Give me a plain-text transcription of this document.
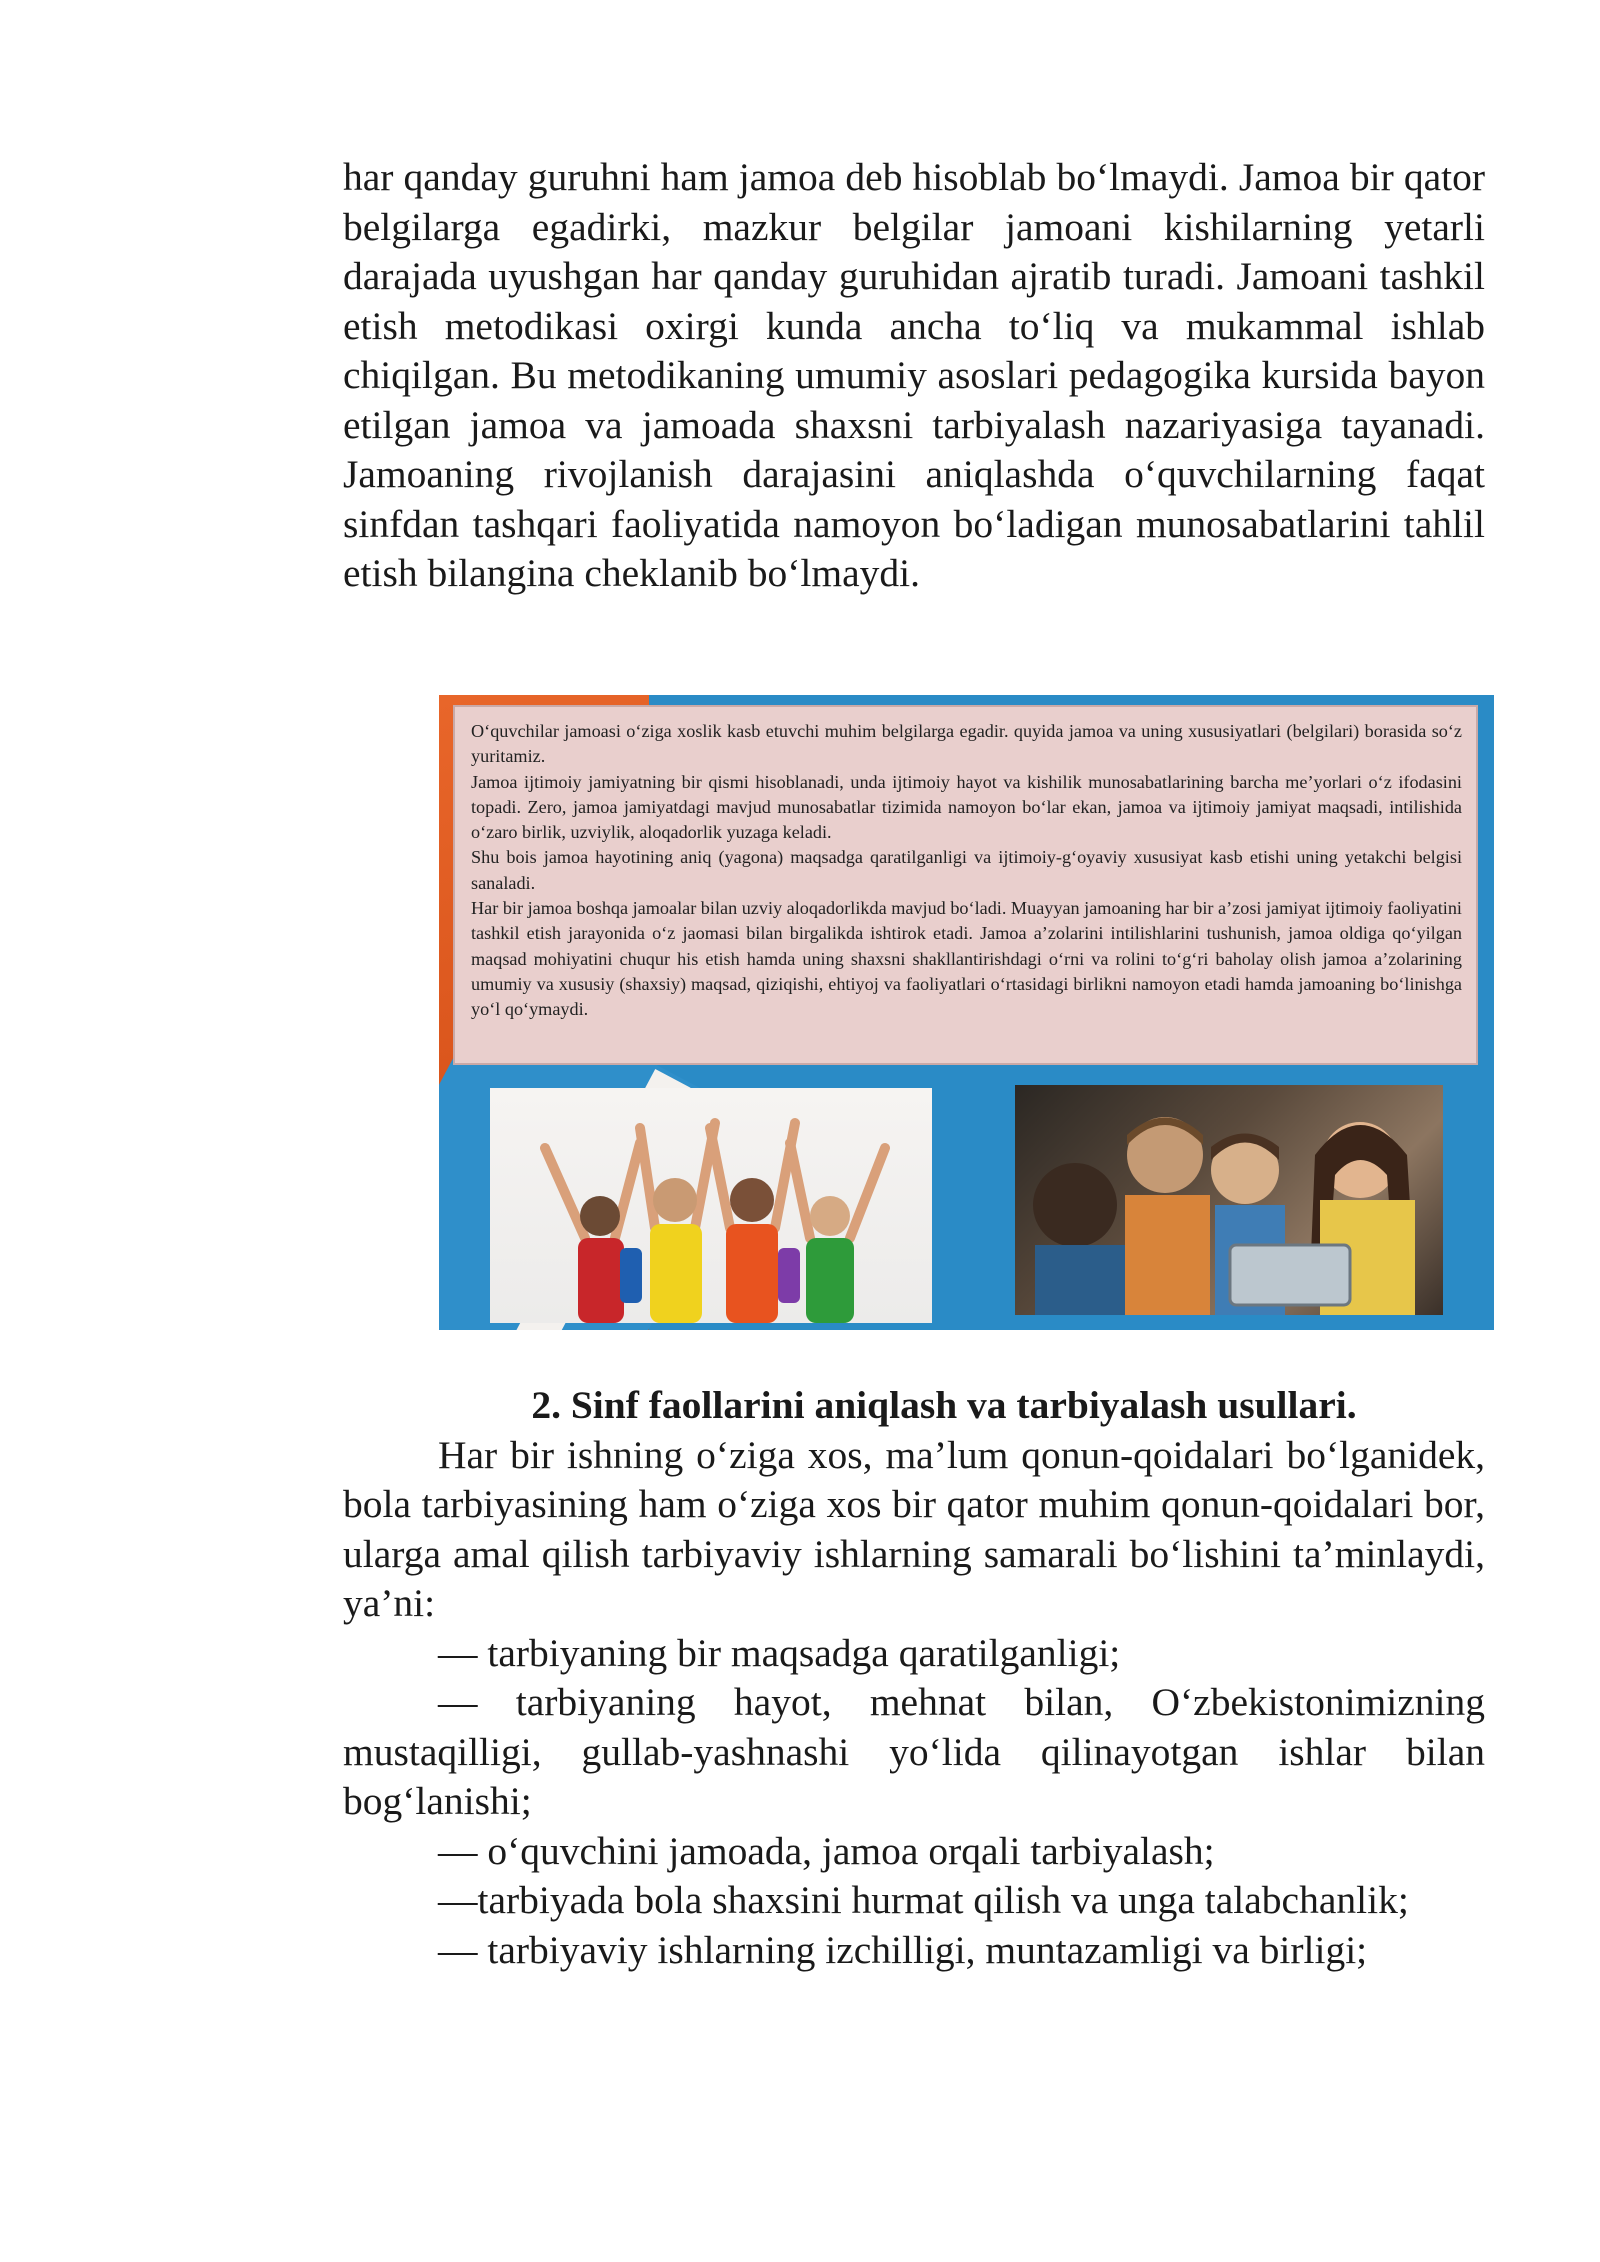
har qanday guruhni ham jamoa deb hisoblab bo‘lmaydi. Jamoa bir qator belgilarga egadirki, mazkur belgilar jamoani kishilarning yetarli darajada uyushgan har qanday guruhidan ajratib turadi. Jamoani tashkil etish metodikasi oxirgi kunda ancha to‘liq va mukammal ishlab chiqilgan. Bu metodikaning umumiy asoslari pedagogika kursida bayon etilgan jamoa va jamoada shaxsni tarbiyalash nazariyasiga tayanadi. Jamoaning rivojlanish darajasini aniqlashda o‘quvchilarning faqat sinfdan tashqari faoliyatida namoyon bo‘ladigan munosabatlarini tahlil etish bilangina cheklanib bo‘lmaydi.

O‘quvchilar jamoasi o‘ziga xoslik kasb etuvchi muhim belgilarga egadir. quyida jamoa va uning xususiyatlari (belgilari) borasida so‘z yuritamiz.

Jamoa ijtimoiy jamiyatning bir qismi hisoblanadi, unda ijtimoiy hayot va kishilik munosabatlarining barcha me’yorlari o‘z ifodasini topadi. Zero, jamoa jamiyatdagi mavjud munosabatlar tizimida namoyon bo‘lar ekan, jamoa va ijtimoiy jamiyat maqsadi, intilishida o‘zaro birlik, uzviylik, aloqadorlik yuzaga keladi.

Shu bois jamoa hayotining aniq (yagona) maqsadga qaratilganligi va ijtimoiy-g‘oyaviy xususiyat kasb etishi uning yetakchi belgisi sanaladi.

Har bir jamoa boshqa jamoalar bilan uzviy aloqadorlikda mavjud bo‘ladi. Muayyan jamoaning har bir a’zosi jamiyat ijtimoiy faoliyatini tashkil etish jarayonida o‘z jaomasi bilan birgalikda ishtirok etadi. Jamoa a’zolarini intilishlarini tushunish, jamoa oldiga qo‘yilgan maqsad mohiyatini chuqur his etish hamda uning shaxsni shakllantirishdagi o‘rni va rolini to‘g‘ri baholay olish jamoa a’zolarining umumiy va xususiy (shaxsiy) maqsad, qiziqishi, ehtiyoj va faoliyatlari o‘rtasidagi birlikni namoyon etadi hamda jamoaning bo‘linishga yo‘l qo‘ymaydi.

2. Sinf faollarini aniqlash va tarbiyalash usullari.

Har bir ishning o‘ziga xos, ma’lum qonun-qoidalari bo‘lganidek, bola tarbiyasining ham o‘ziga xos bir qator muhim qonun-qoidalari bor, ularga amal qilish tarbiyaviy ishlarning samarali bo‘lishini ta’minlaydi, ya’ni:

— tarbiyaning bir maqsadga qaratilganligi;

— tarbiyaning hayot, mehnat bilan, O‘zbekistonimizning mustaqilligi, gullab-yashnashi yo‘lida qilinayotgan ishlar bilan bog‘lanishi;

— o‘quvchini jamoada, jamoa orqali tarbiyalash;

—tarbiyada bola shaxsini hurmat qilish va unga talabchanlik;

— tarbiyaviy ishlarning izchilligi, muntazamligi va birligi;
